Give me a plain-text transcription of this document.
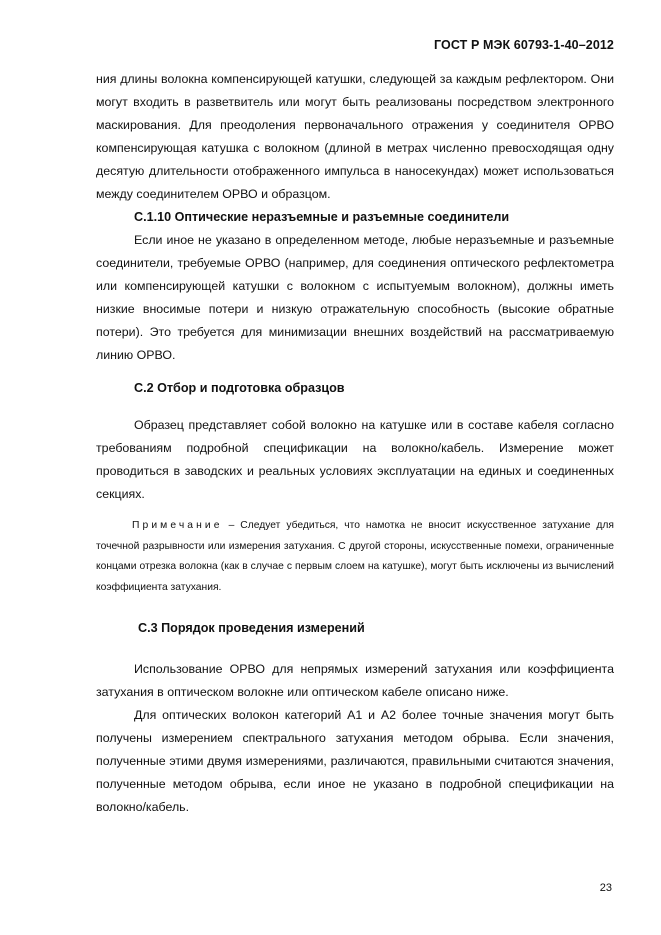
ГОСТ Р МЭК 60793-1-40–2012

ния длины волокна компенсирующей катушки, следующей за каждым рефлектором. Они могут входить в разветвитель или могут быть реализованы посредством электронного маскирования. Для преодоления первоначального отражения у соединителя ОРВО компенсирующая катушка с волокном (длиной в метрах численно превосходящая одну десятую длительности отображенного импульса в наносекундах) может использоваться между соединителем ОРВО и образцом.

С.1.10 Оптические неразъемные и разъемные соединители

Если иное не указано в определенном методе, любые неразъемные и разъемные соединители, требуемые ОРВО (например, для соединения оптического рефлектометра или компенсирующей катушки с волокном с испытуемым волокном), должны иметь низкие вносимые потери и низкую отражательную способность (высокие обратные потери). Это требуется для минимизации внешних воздействий на рассматриваемую линию ОРВО.

С.2 Отбор и подготовка образцов

Образец представляет собой волокно на катушке или в составе кабеля согласно требованиям подробной спецификации на волокно/кабель. Измерение может проводиться в заводских и реальных условиях эксплуатации на единых и соединенных секциях.

Примечание – Следует убедиться, что намотка не вносит искусственное затухание для точечной разрывности или измерения затухания. С другой стороны, искусственные помехи, ограниченные концами отрезка волокна (как в случае с первым слоем на катушке), могут быть исключены из вычислений коэффициента затухания.

С.3 Порядок проведения измерений

Использование ОРВО для непрямых измерений затухания или коэффициента затухания в оптическом волокне или оптическом кабеле описано ниже.

Для оптических волокон категорий А1 и А2 более точные значения могут быть получены измерением спектрального затухания методом обрыва. Если значения, полученные этими двумя измерениями, различаются, правильными считаются значения, полученные методом обрыва, если иное не указано в подробной спецификации на волокно/кабель.

23
